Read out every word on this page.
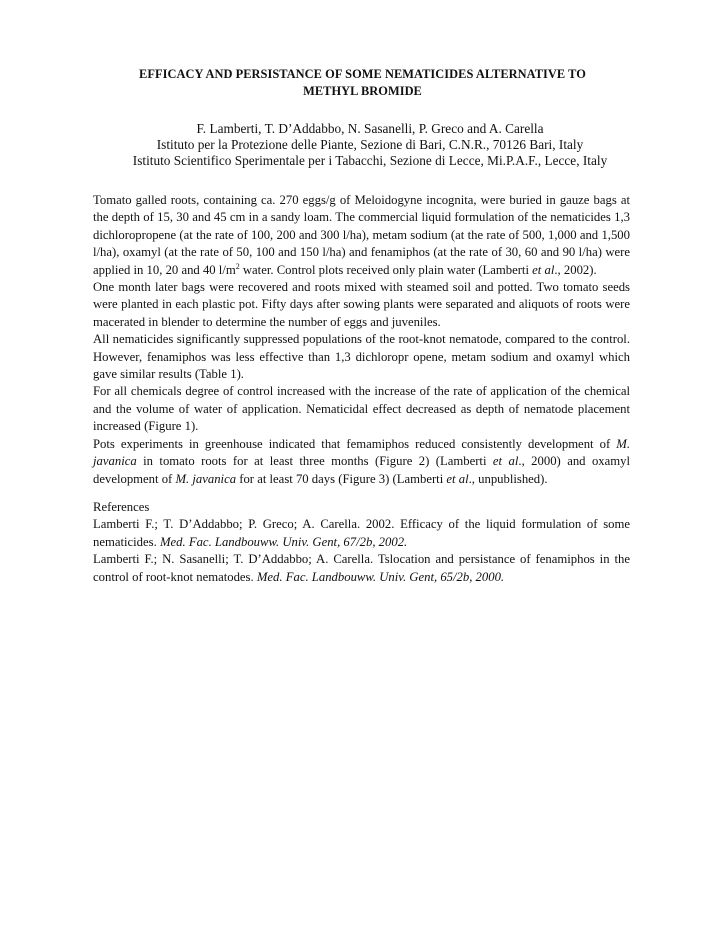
EFFICACY AND PERSISTANCE OF SOME NEMATICIDES ALTERNATIVE TO
METHYL BROMIDE
F. Lamberti, T. D’Addabbo, N. Sasanelli, P. Greco and A. Carella
Istituto per la Protezione delle Piante, Sezione di Bari, C.N.R., 70126 Bari, Italy
Istituto Scientifico Sperimentale per i Tabacchi, Sezione di Lecce, Mi.P.A.F., Lecce, Italy

Tomato galled roots, containing ca. 270 eggs/g of Meloidogyne incognita, were buried in gauze bags at the depth of 15, 30 and 45 cm in a sandy loam. The commercial liquid formulation of the nematicides 1,3 dichloropropene (at the rate of 100, 200 and 300 l/ha), metam sodium (at the rate of 500, 1,000 and 1,500 l/ha), oxamyl (at the rate of 50, 100 and 150 l/ha) and fenamiphos (at the rate of 30, 60 and 90 l/ha) were applied in 10, 20 and 40 $l/m^2$ water. Control plots received only plain water (Lamberti et al., 2002).

One month later bags were recovered and roots mixed with steamed soil and potted. Two tomato seeds were planted in each plastic pot. Fifty days after sowing plants were separated and aliquots of roots were macerated in blender to determine the number of eggs and juveniles.

All nematicides significantly suppressed populations of the root-knot nematode, compared to the control. However, fenamiphos was less effective than 1,3 dichloropr opene, metam sodium and oxamyl which gave similar results (Table 1).

For all chemicals degree of control increased with the increase of the rate of application of the chemical and the volume of water of application. Nematicidal effect decreased as depth of nematode placement increased (Figure 1).

Pots experiments in greenhouse indicated that femamiphos reduced consistently development of M. javanica in tomato roots for at least three months (Figure 2) (Lamberti et al., 2000) and oxamyl development of M. javanica for at least 70 days (Figure 3) (Lamberti et al., unpublished).

References

Lamberti F.; T. D’Addabbo; P. Greco; A. Carella. 2002. Efficacy of the liquid formulation of some nematicides. Med. Fac. Landbouww. Univ. Gent, 67/2b, 2002.

Lamberti F.; N. Sasanelli; T. D’Addabbo; A. Carella. Tslocation and persistance of fenamiphos in the control of root-knot nematodes. Med. Fac. Landbouww. Univ. Gent, 65/2b, 2000.
